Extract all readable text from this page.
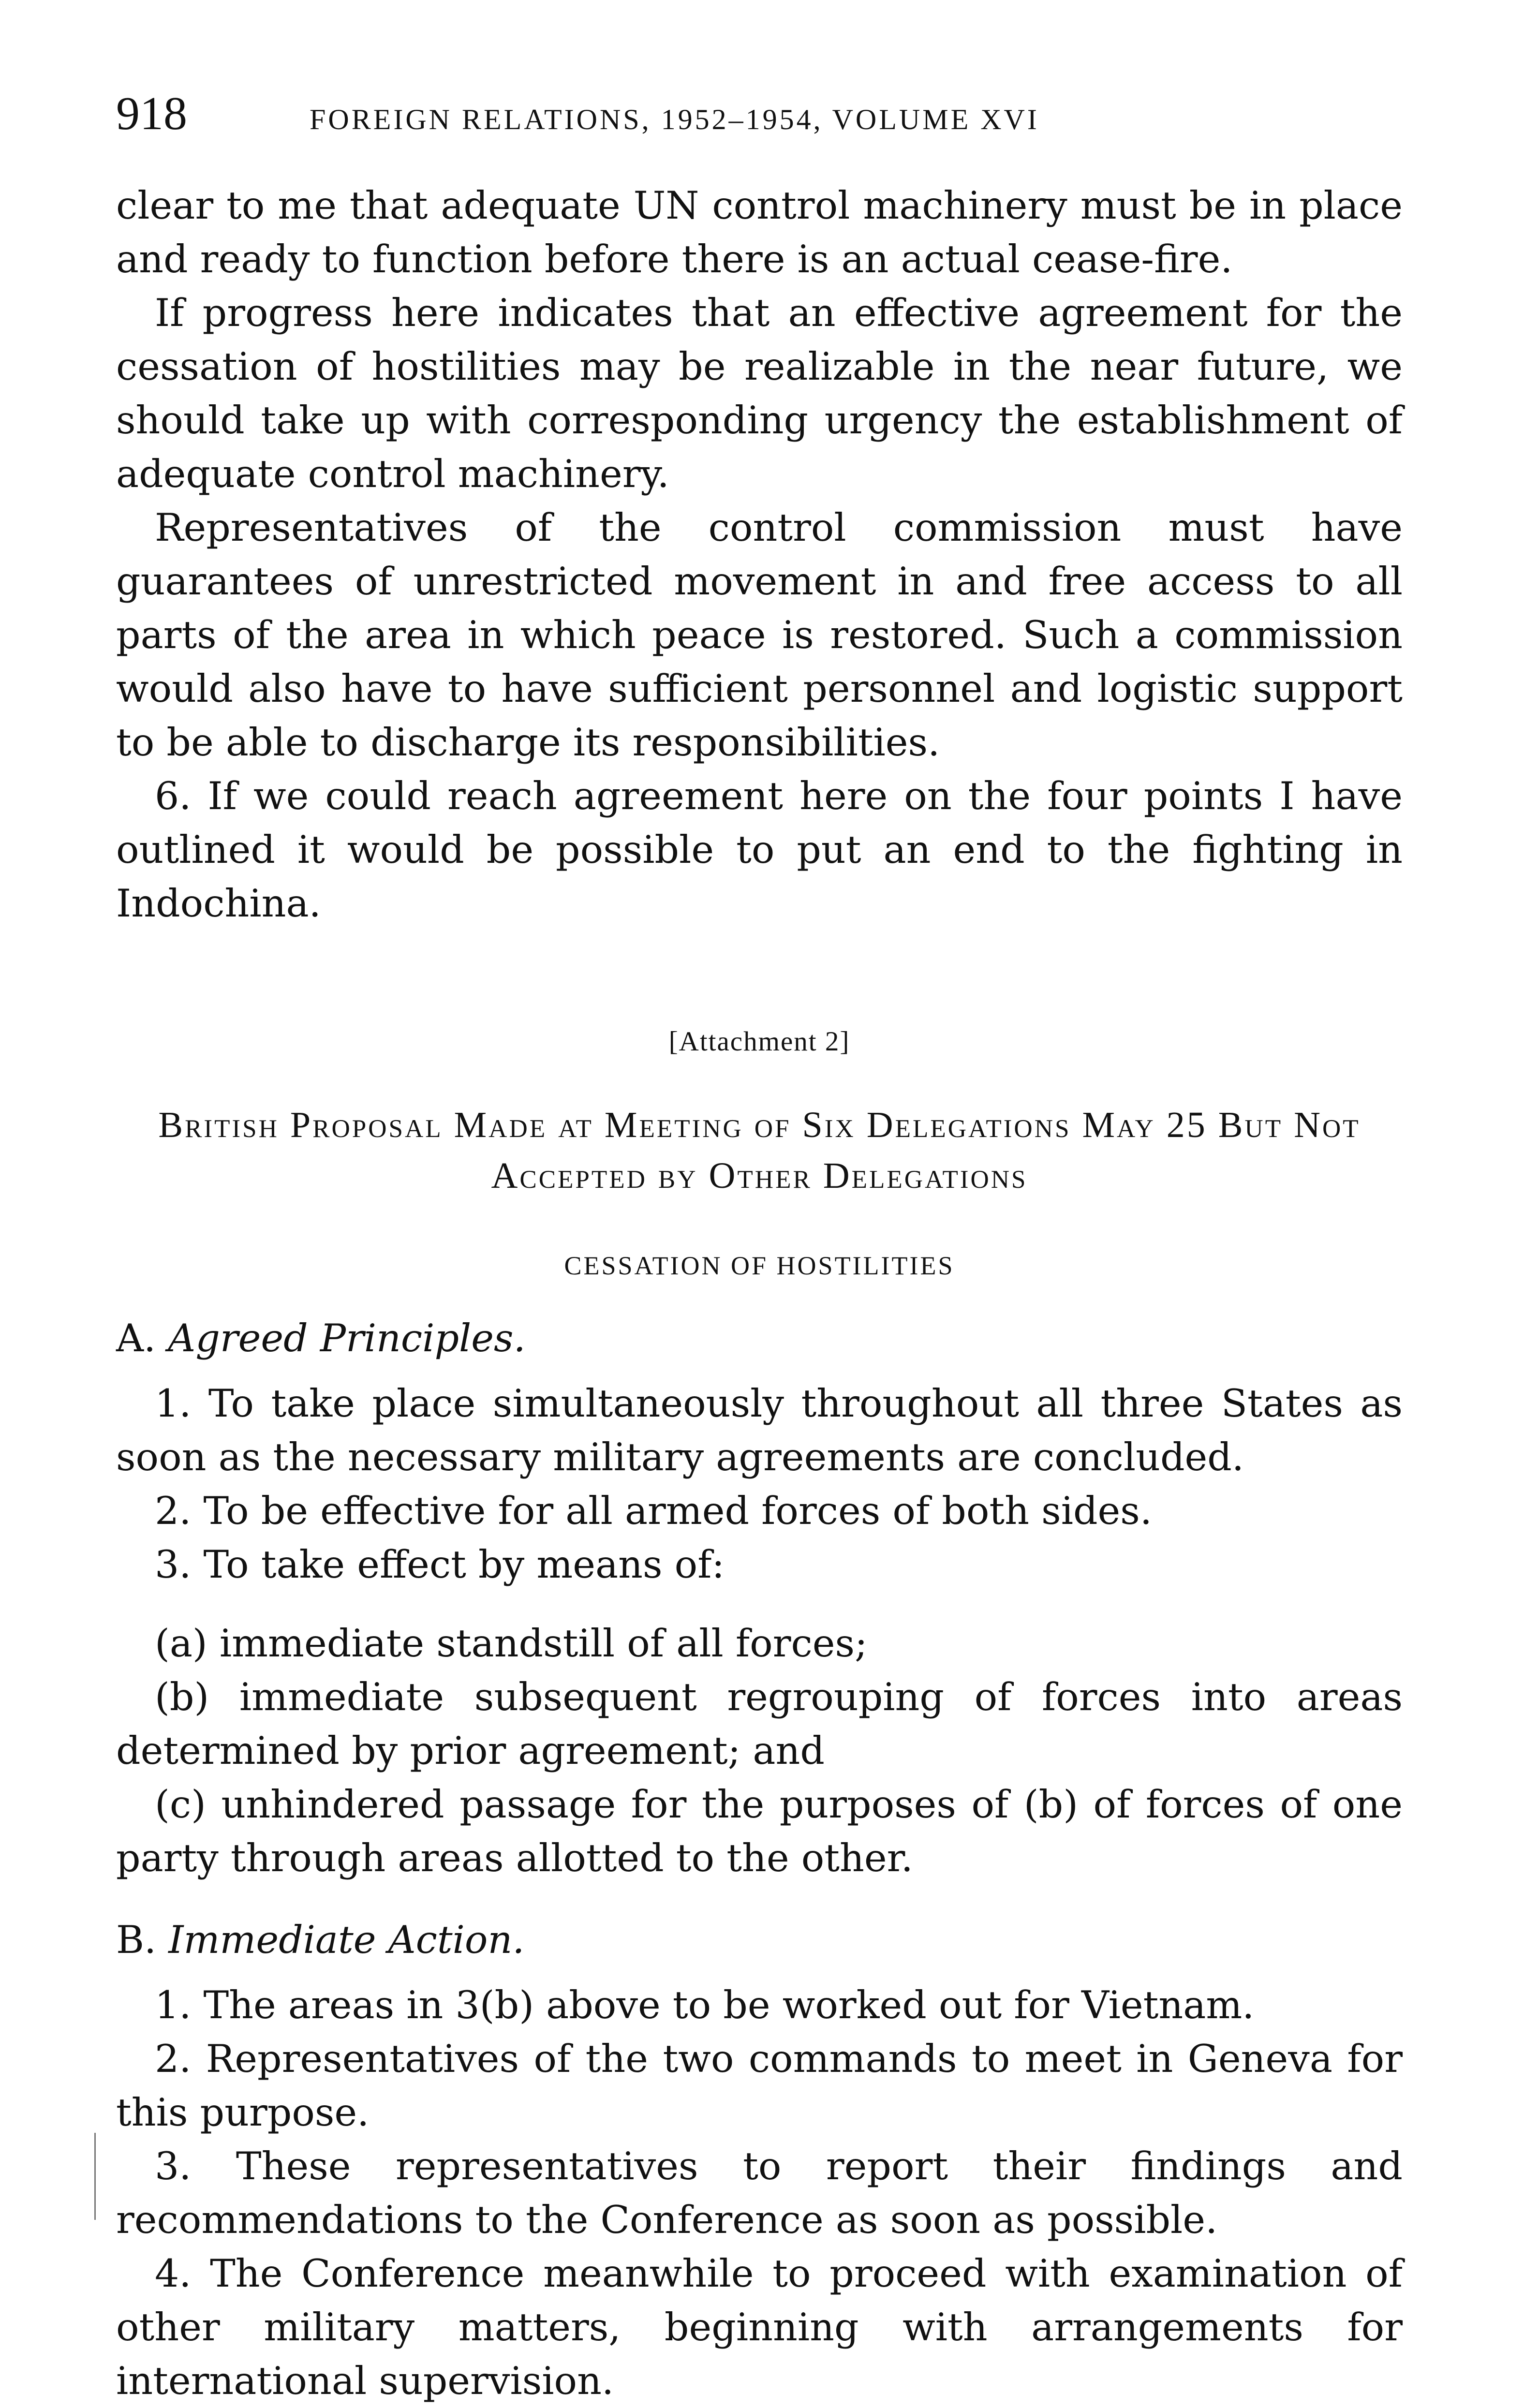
918	FOREIGN RELATIONS, 1952–1954, VOLUME XVI

clear to me that adequate UN control machinery must be in place and ready to function before there is an actual cease-fire.

If progress here indicates that an effective agreement for the cessation of hostilities may be realizable in the near future, we should take up with corresponding urgency the establishment of adequate control machinery.

Representatives of the control commission must have guarantees of unrestricted movement in and free access to all parts of the area in which peace is restored. Such a commission would also have to have sufficient personnel and logistic support to be able to discharge its responsibilities.

6. If we could reach agreement here on the four points I have outlined it would be possible to put an end to the fighting in Indochina.

[Attachment 2]
British Proposal Made at Meeting of Six Delegations May 25 But Not Accepted by Other Delegations
CESSATION OF HOSTILITIES

A. Agreed Principles.

1. To take place simultaneously throughout all three States as soon as the necessary military agreements are concluded.

2. To be effective for all armed forces of both sides.

3. To take effect by means of:

(a) immediate standstill of all forces;

(b) immediate subsequent regrouping of forces into areas determined by prior agreement; and

(c) unhindered passage for the purposes of (b) of forces of one party through areas allotted to the other.

B. Immediate Action.

1. The areas in 3(b) above to be worked out for Vietnam.

2. Representatives of the two commands to meet in Geneva for this purpose.

3. These representatives to report their findings and recommendations to the Conference as soon as possible.

4. The Conference meanwhile to proceed with examination of other military matters, beginning with arrangements for international supervision.
